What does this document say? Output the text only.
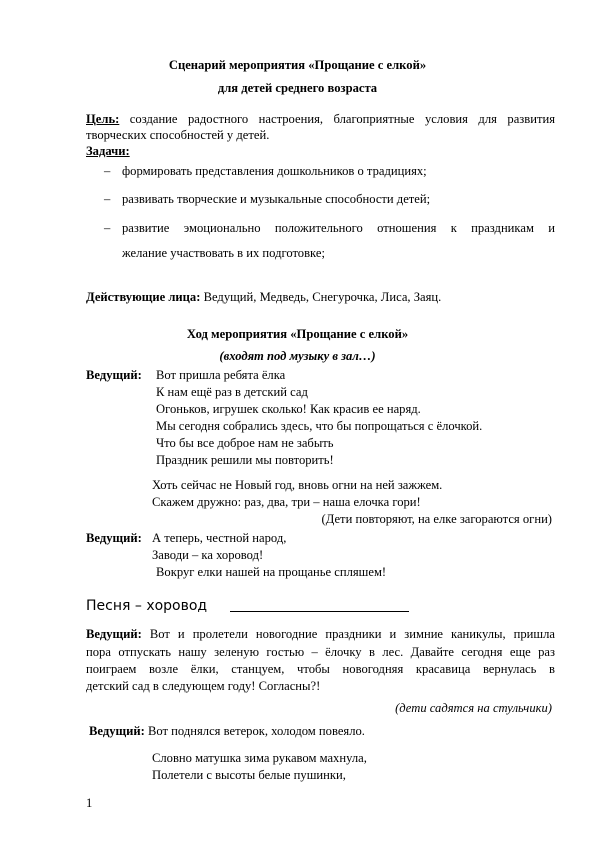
Сценарий мероприятия «Прощание с елкой»
для детей среднего возраста
Цель: создание радостного настроения, благоприятные условия для развития
творческих способностей у детей.
Задачи:
– формировать представления дошкольников о традициях;
– развивать творческие и музыкальные способности детей;
– развитие эмоционально положительного отношения к праздникам и
желание участвовать в их подготовке;
Действующие лица: Ведущий, Медведь, Снегурочка, Лиса, Заяц.
Ход мероприятия «Прощание с елкой»
(входят под музыку в зал…)
Ведущий: Вот пришла ребята ёлка
К нам ещё раз в детский сад
Огоньков, игрушек сколько! Как красив ее наряд.
Мы сегодня собрались здесь, что бы попрощаться с ёлочкой.
Что бы все доброе нам не забыть
Праздник решили мы повторить!
Хоть сейчас не Новый год, вновь огни на ней зажжем.
Скажем дружно: раз, два, три – наша елочка гори!
(Дети повторяют, на елке загораются огни)
Ведущий: А теперь, честной народ,
Заводи – ка хоровод!
Вокруг елки нашей на прощанье спляшем!
Песня – хоровод
Ведущий: Вот и пролетели новогодние праздники и зимние каникулы, пришла
пора отпускать нашу зеленую гостью – ёлочку в лес. Давайте сегодня еще раз
поиграем возле ёлки, станцуем, чтобы новогодняя красавица вернулась в
детский сад в следующем году! Согласны?!
(дети садятся на стульчики)
Ведущий: Вот поднялся ветерок, холодом повеяло.
Словно матушка зима рукавом махнула,
Полетели с высоты белые пушинки,
1
